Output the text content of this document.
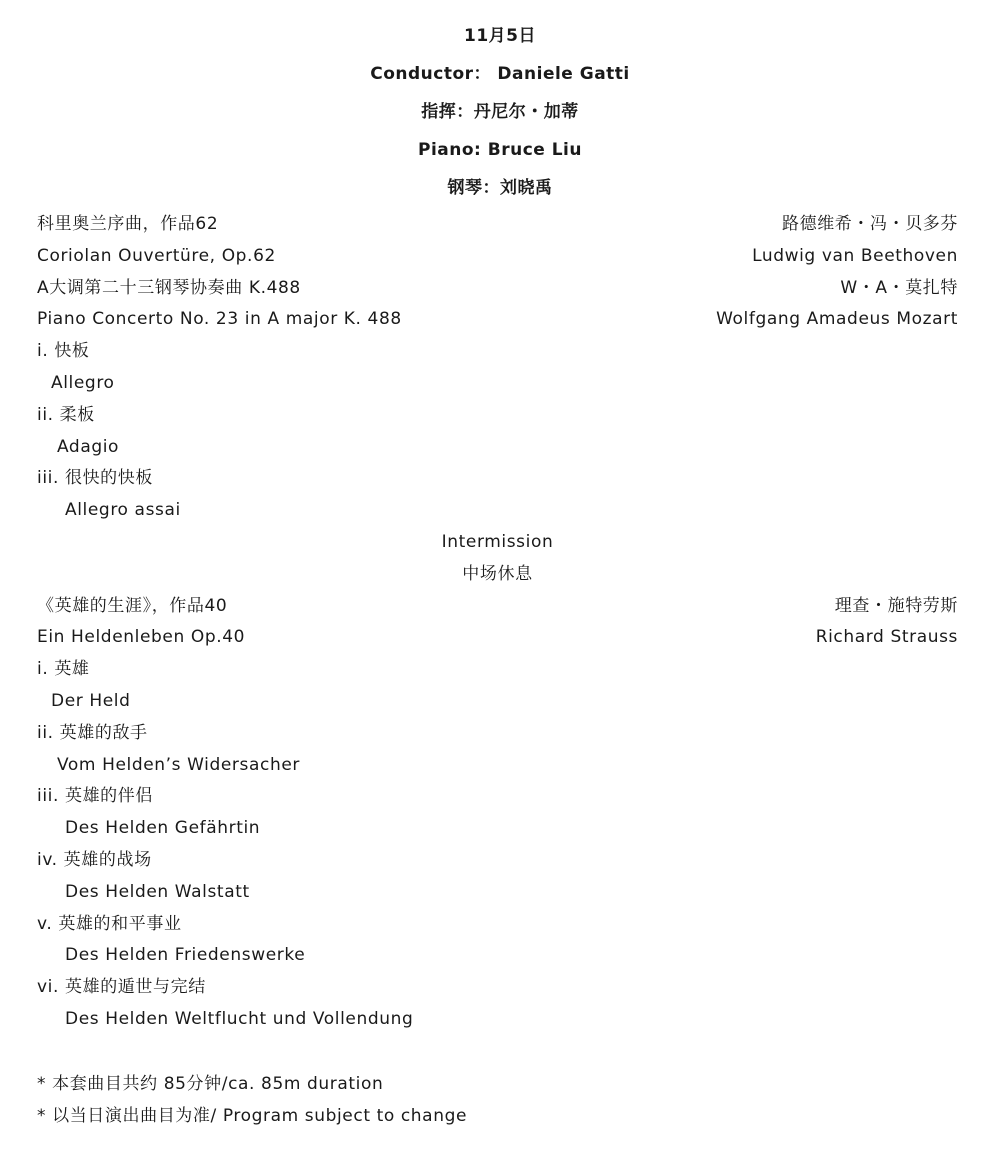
11月5日
Conductor： Daniele Gatti
指挥：丹尼尔・加蒂
Piano: Bruce Liu
钢琴：刘晓禹
科里奥兰序曲，作品62	路德维希・冯・贝多芬
Coriolan Ouvertüre, Op.62	Ludwig van Beethoven
A大调第二十三钢琴协奏曲 K.488	W・A・莫扎特
Piano Concerto No. 23 in A major K. 488	Wolfgang Amadeus Mozart
i. 快板
Allegro
ii. 柔板
Adagio
iii. 很快的快板
Allegro assai
Intermission
中场休息
《英雄的生涯》，作品40	理查・施特劳斯
Ein Heldenleben Op.40	Richard Strauss
i. 英雄
Der Held
ii. 英雄的敌手
Vom Helden’s Widersacher
iii. 英雄的伴侣
Des Helden Gefährtin
iv. 英雄的战场
Des Helden Walstatt
v. 英雄的和平事业
Des Helden Friedenswerke
vi. 英雄的遁世与完结
Des Helden Weltflucht und Vollendung
* 本套曲目共约 85分钟/ca. 85m duration
* 以当日演出曲目为准/ Program subject to change
